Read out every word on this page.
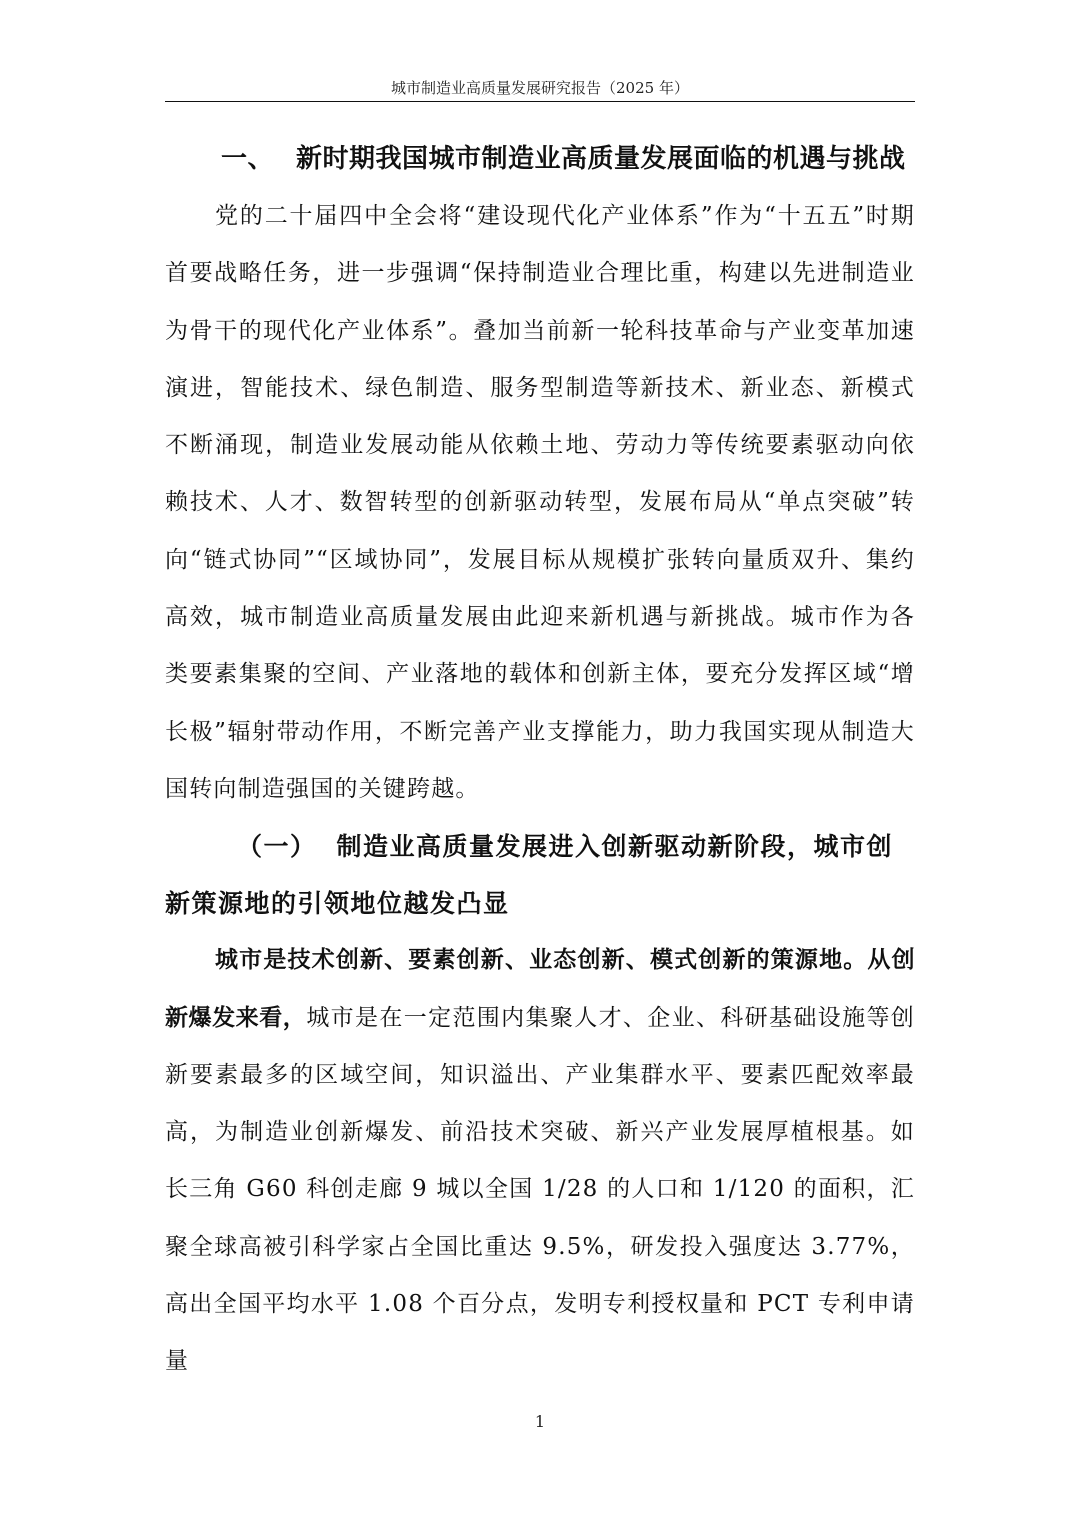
城市制造业高质量发展研究报告（2025 年）
一、 新时期我国城市制造业高质量发展面临的机遇与挑战

党的二十届四中全会将“建设现代化产业体系”作为“十五五”时期首要战略任务，进一步强调“保持制造业合理比重，构建以先进制造业为骨干的现代化产业体系”。叠加当前新一轮科技革命与产业变革加速演进，智能技术、绿色制造、服务型制造等新技术、新业态、新模式不断涌现，制造业发展动能从依赖土地、劳动力等传统要素驱动向依赖技术、人才、数智转型的创新驱动转型，发展布局从“单点突破”转向“链式协同”“区域协同”，发展目标从规模扩张转向量质双升、集约高效，城市制造业高质量发展由此迎来新机遇与新挑战。城市作为各类要素集聚的空间、产业落地的载体和创新主体，要充分发挥区域“增长极”辐射带动作用，不断完善产业支撑能力，助力我国实现从制造大国转向制造强国的关键跨越。

（一） 制造业高质量发展进入创新驱动新阶段，城市创新策源地的引领地位越发凸显

城市是技术创新、要素创新、业态创新、模式创新的策源地。从创新爆发来看，城市是在一定范围内集聚人才、企业、科研基础设施等创新要素最多的区域空间，知识溢出、产业集群水平、要素匹配效率最高，为制造业创新爆发、前沿技术突破、新兴产业发展厚植根基。如长三角 G60 科创走廊 9 城以全国 1/28 的人口和 1/120 的面积，汇聚全球高被引科学家占全国比重达 9.5%，研发投入强度达 3.77%，高出全国平均水平 1.08 个百分点，发明专利授权量和 PCT 专利申请量

1
